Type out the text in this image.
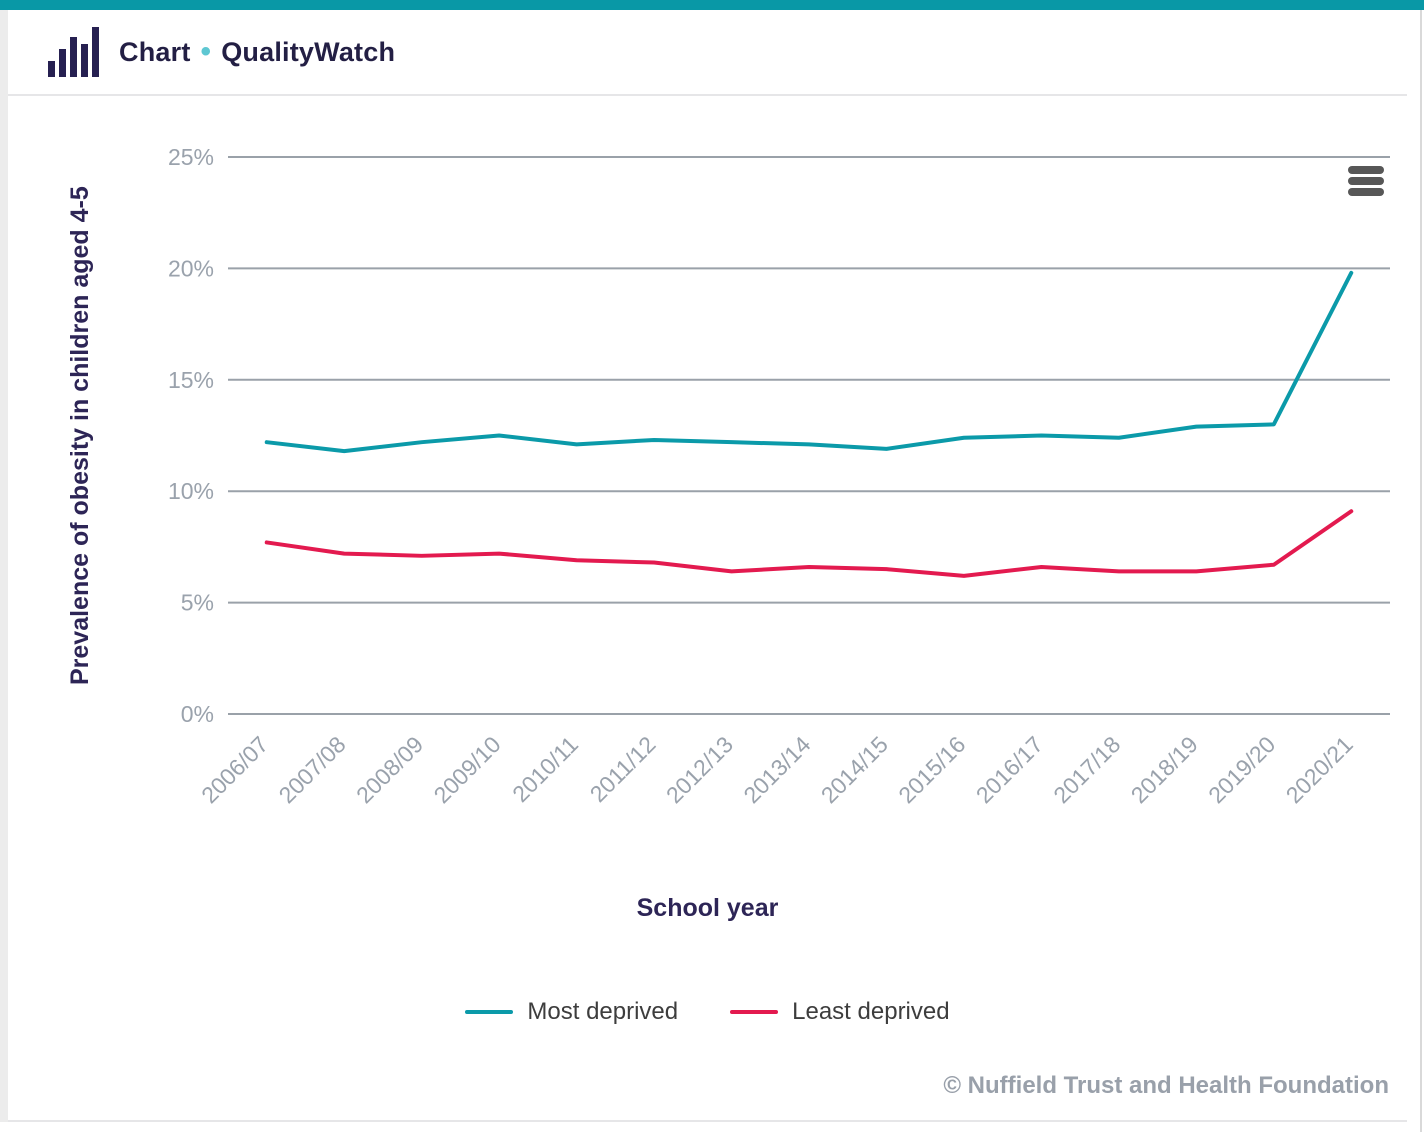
Chart • QualityWatch
0%
5%
10%
15%
20%
25%
2006/07 2007/08 2008/09 2009/10 2010/11 2011/12 2012/13 2013/14 2014/15 2015/16 2016/17 2017/18 2018/19 2019/20 2020/21
Prevalence of obesity in children aged 4-5
School year
Most deprived	Least deprived
© Nuffield Trust and Health Foundation
